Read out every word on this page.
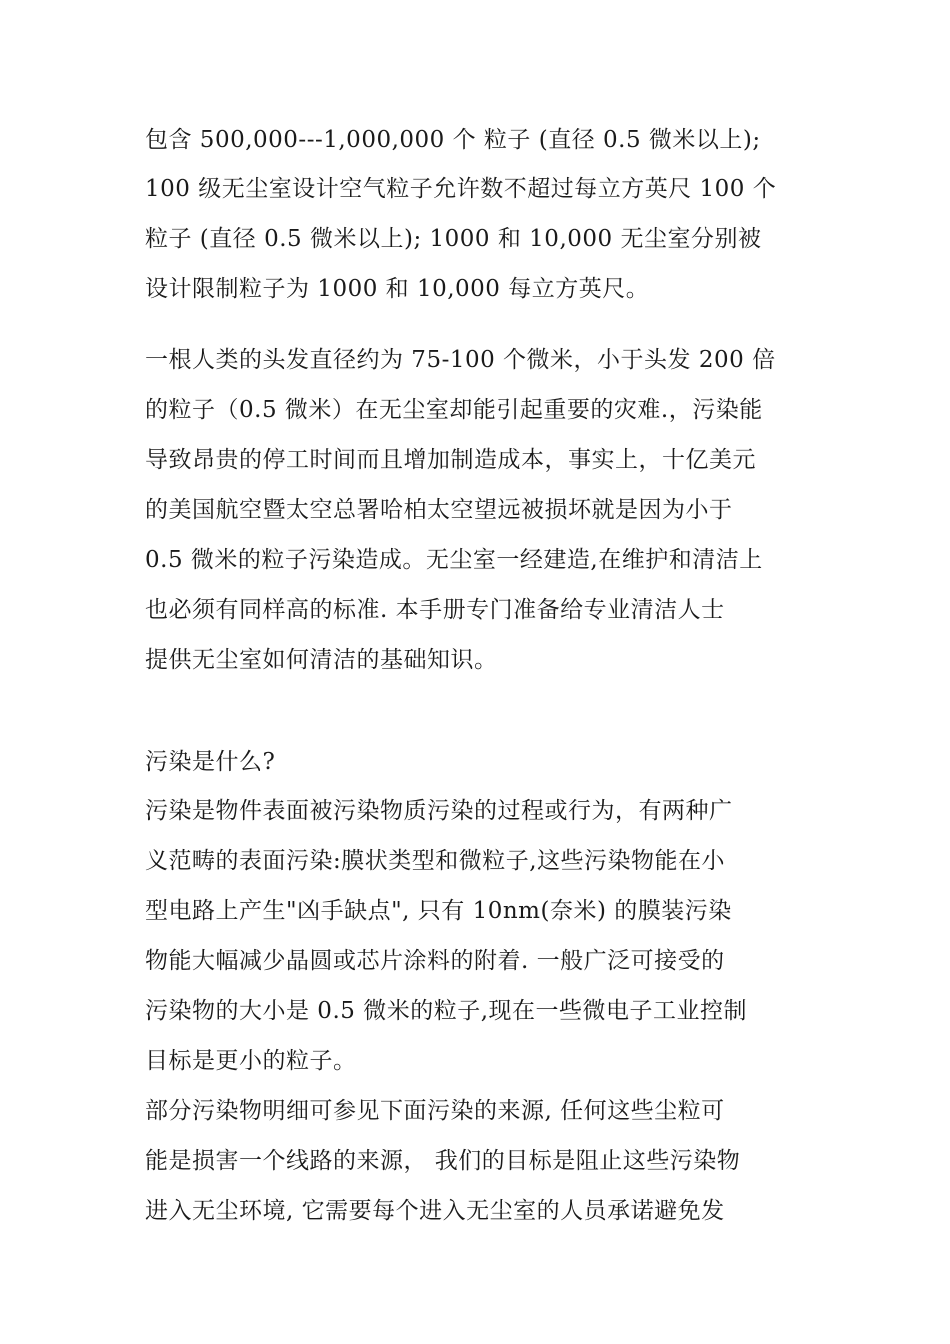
包含 500,000---1,000,000 个 粒子 (直径 0.5 微米以上);
100 级无尘室设计空气粒子允许数不超过每立方英尺 100 个
粒子 (直径 0.5 微米以上); 1000 和 10,000 无尘室分别被
设计限制粒子为 1000 和 10,000 每立方英尺。
一根人类的头发直径约为 75-100 个微米，小于头发 200 倍
的粒子（0.5 微米）在无尘室却能引起重要的灾难.，污染能
导致昂贵的停工时间而且增加制造成本，事实上，十亿美元
的美国航空暨太空总署哈柏太空望远被损坏就是因为小于
0.5 微米的粒子污染造成。无尘室一经建造,在维护和清洁上
也必须有同样高的标准. 本手册专门准备给专业清洁人士
提供无尘室如何清洁的基础知识。
污染是什么?
污染是物件表面被污染物质污染的过程或行为，有两种广
义范畴的表面污染:膜状类型和微粒子,这些污染物能在小
型电路上产生"凶手缺点", 只有 10nm(奈米) 的膜装污染
物能大幅减少晶圆或芯片涂料的附着. 一般广泛可接受的
污染物的大小是 0.5 微米的粒子,现在一些微电子工业控制
目标是更小的粒子。
部分污染物明细可参见下面污染的来源, 任何这些尘粒可
能是损害一个线路的来源， 我们的目标是阻止这些污染物
进入无尘环境, 它需要每个进入无尘室的人员承诺避免发
